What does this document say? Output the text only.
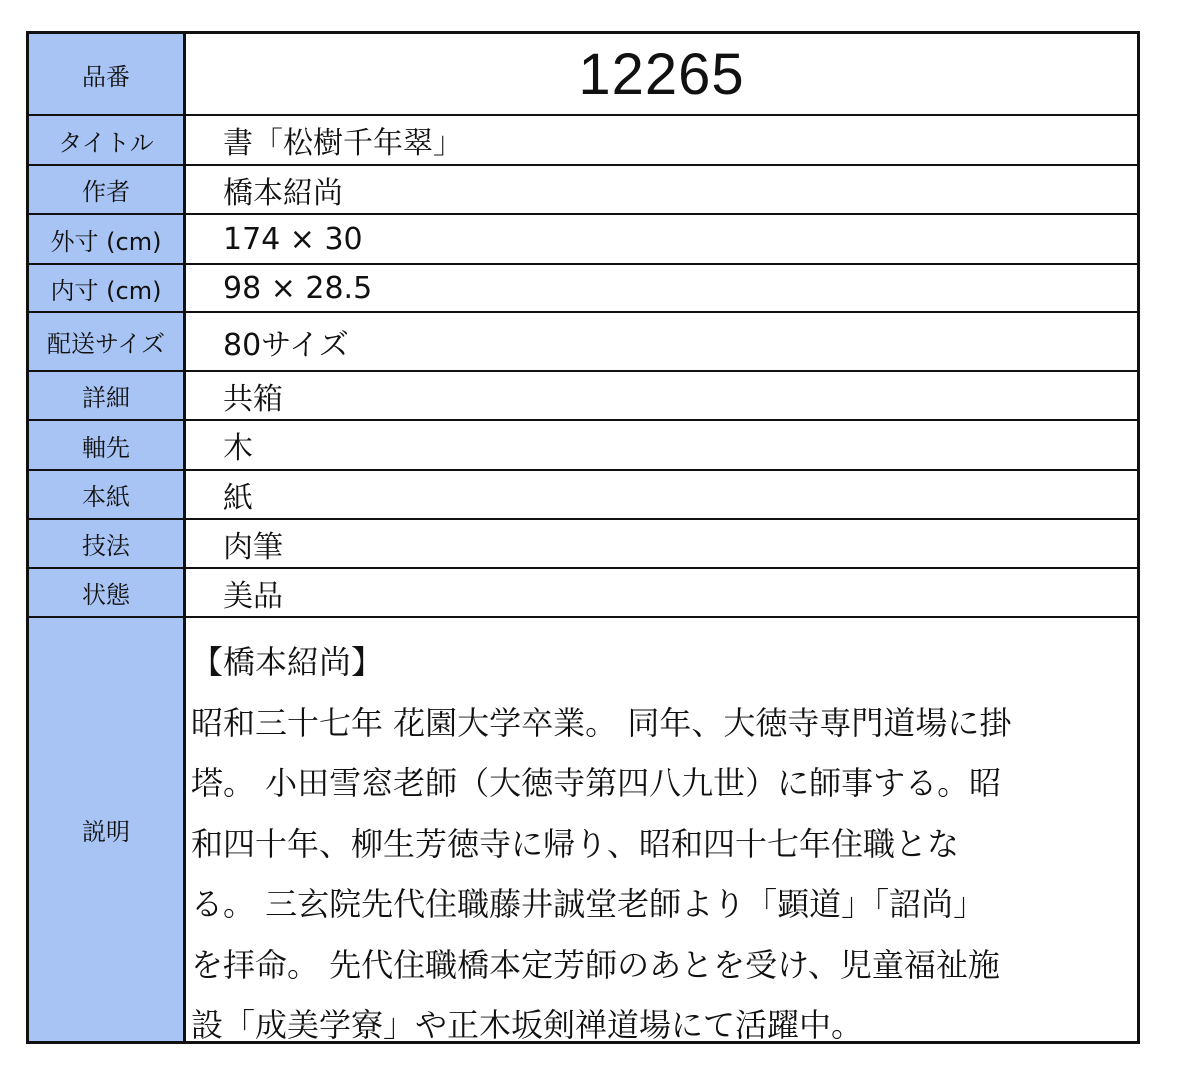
品番	12265
タイトル	書「松樹千年翠」
作者	橋本紹尚
外寸 (cm)	174 × 30
内寸 (cm)	98 × 28.5
配送サイズ	80サイズ
詳細	共箱
軸先	木
本紙	紙
技法	肉筆
状態	美品
説明
【橋本紹尚】
昭和三十七年 花園大学卒業。 同年、大徳寺専門道場に掛
塔。 小田雪窓老師（大徳寺第四八九世）に師事する。昭
和四十年、柳生芳徳寺に帰り、昭和四十七年住職とな
る。 三玄院先代住職藤井誠堂老師より「顕道」「詔尚」
を拝命。 先代住職橋本定芳師のあとを受け、児童福祉施
設「成美学寮」や正木坂剣禅道場にて活躍中。
